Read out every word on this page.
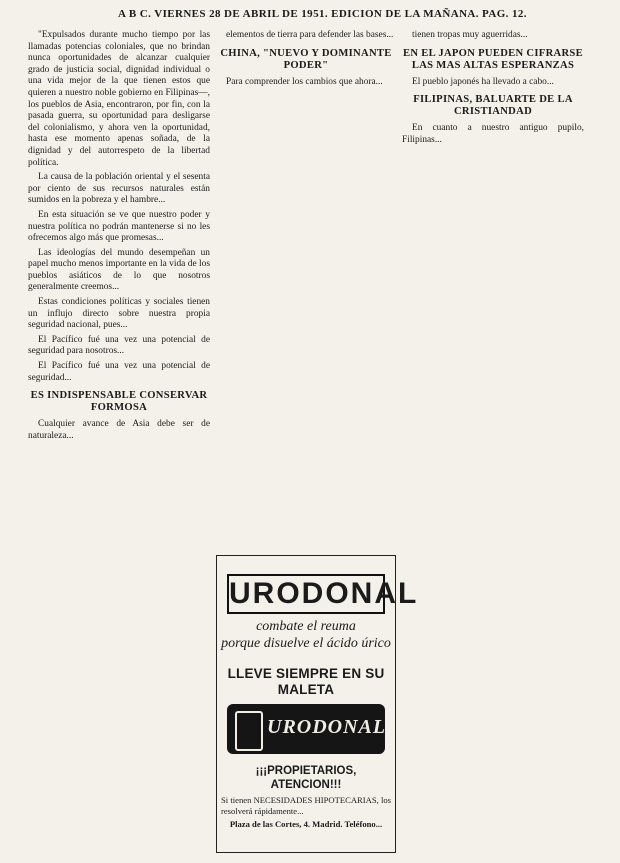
A B C. VIERNES 28 DE ABRIL DE 1951. EDICION DE LA MAÑANA. PAG. 12.

"Expulsados durante mucho tiempo por las llamadas potencias coloniales, que no brindan nunca oportunidades de alcanzar cualquier grado de justicia social, dignidad individual o una vida mejor de la que tienen estos que quieren a nuestro noble gobierno en Filipinas—, los pueblos de Asia, encontraron, por fin, con la pasada guerra, su oportunidad para desligarse del colonialismo, y ahora ven la oportunidad, hasta ese momento apenas soñada, de la dignidad y del autorrespeto de la libertad política.

La causa de la población oriental y el sesenta por ciento de sus recursos naturales están sumidos en la pobreza y el hambre...

En esta situación se ve que nuestro poder y nuestra política no podrán mantenerse si no les ofrecemos algo más que promesas...

Las ideologías del mundo desempeñan un papel mucho menos importante en la vida de los pueblos asiáticos de lo que nosotros generalmente creemos...

Estas condiciones políticas y sociales tienen un influjo directo sobre nuestra propia seguridad nacional, pues...

El Pacífico fué una vez una potencial de seguridad para nosotros...

El Pacífico fué una vez una potencial de seguridad...

ES INDISPENSABLE CONSERVAR FORMOSA

Cualquier avance de Asia debe ser de naturaleza...

elementos de tierra para defender las bases...

CHINA, "NUEVO Y DOMINANTE PODER"

Para comprender los cambios que ahora...

URODONAL
combate el reuma
porque disuelve el ácido úrico
LLEVE SIEMPRE EN SU MALETA
URODONAL
¡¡¡PROPIETARIOS, ATENCION!!!

Si tienen NECESIDADES HIPOTECARIAS, los resolverá rápidamente...

Plaza de las Cortes, 4. Madrid. Teléfono...

tienen tropas muy aguerridas...

EN EL JAPON PUEDEN CIFRARSE LAS MAS ALTAS ESPERANZAS

El pueblo japonés ha llevado a cabo...

FILIPINAS, BALUARTE DE LA CRISTIANDAD

En cuanto a nuestro antiguo pupilo, Filipinas...
